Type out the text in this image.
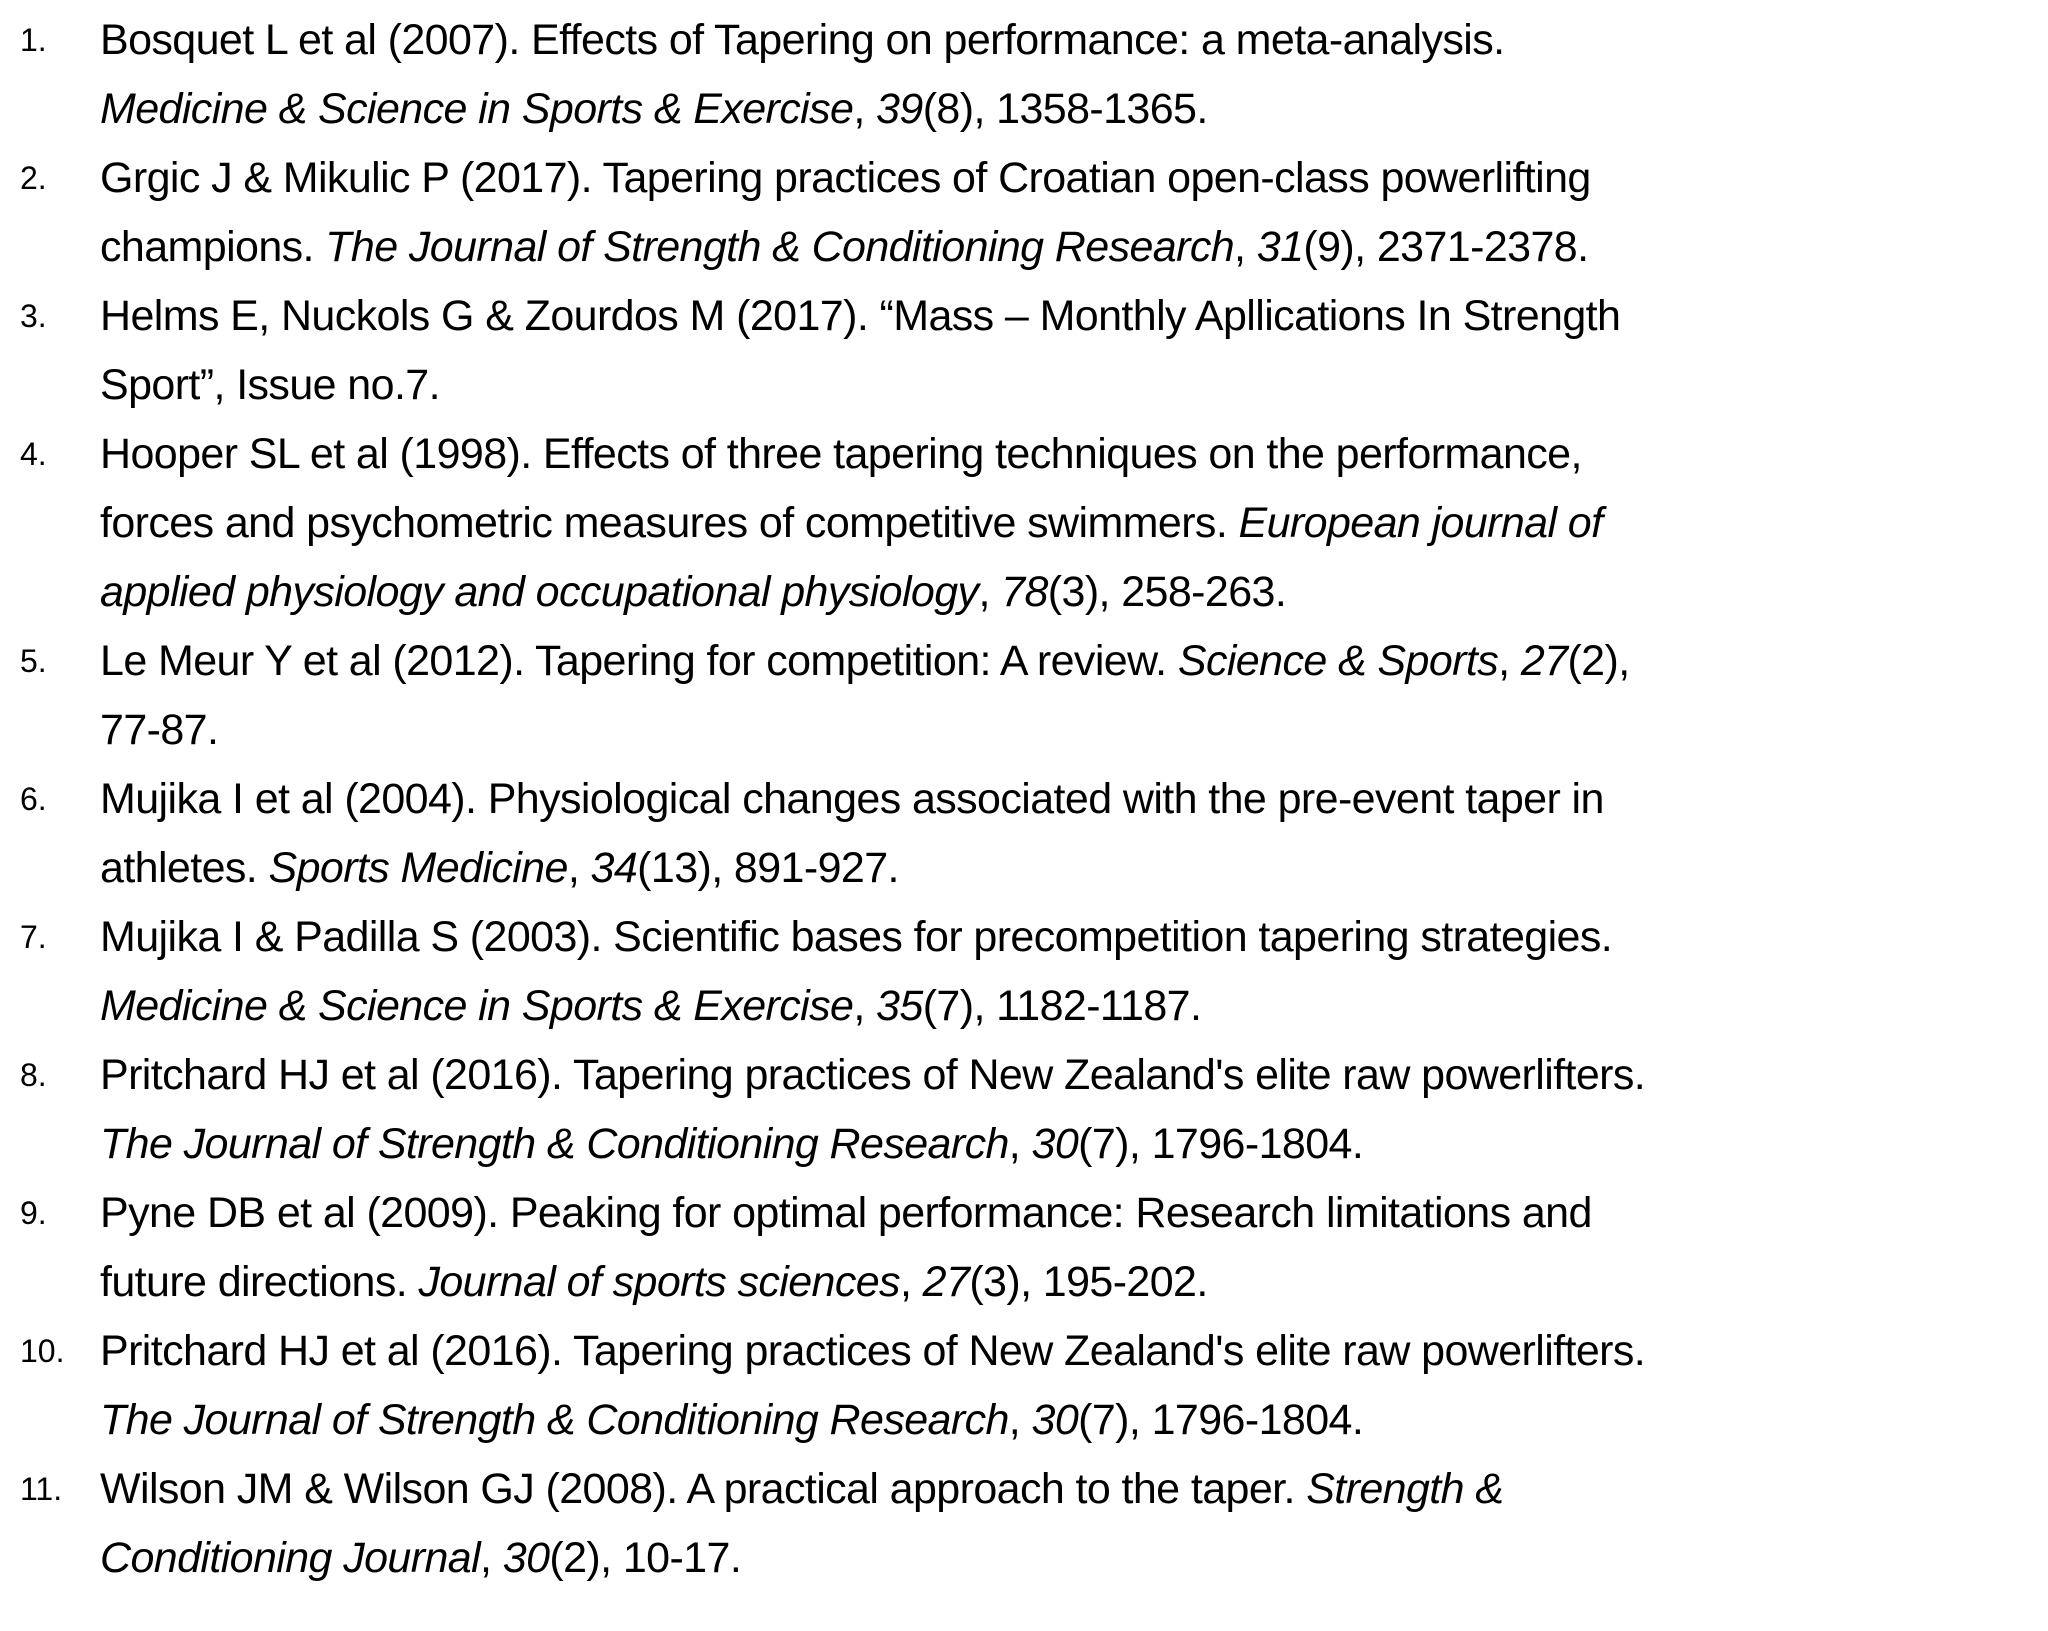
1. Bosquet L et al (2007). Effects of Tapering on performance: a meta-analysis.
Medicine & Science in Sports & Exercise, 39(8), 1358-1365.
2. Grgic J & Mikulic P (2017). Tapering practices of Croatian open-class powerlifting
champions. The Journal of Strength & Conditioning Research, 31(9), 2371-2378.
3. Helms E, Nuckols G & Zourdos M (2017). “Mass – Monthly Apllications In Strength
Sport”, Issue no.7.
4. Hooper SL et al (1998). Effects of three tapering techniques on the performance,
forces and psychometric measures of competitive swimmers. European journal of
applied physiology and occupational physiology, 78(3), 258-263.
5. Le Meur Y et al (2012). Tapering for competition: A review. Science & Sports, 27(2),
77-87.
6. Mujika I et al (2004). Physiological changes associated with the pre-event taper in
athletes. Sports Medicine, 34(13), 891-927.
7. Mujika I & Padilla S (2003). Scientific bases for precompetition tapering strategies.
Medicine & Science in Sports & Exercise, 35(7), 1182-1187.
8. Pritchard HJ et al (2016). Tapering practices of New Zealand's elite raw powerlifters.
The Journal of Strength & Conditioning Research, 30(7), 1796-1804.
9. Pyne DB et al (2009). Peaking for optimal performance: Research limitations and
future directions. Journal of sports sciences, 27(3), 195-202.
10. Pritchard HJ et al (2016). Tapering practices of New Zealand's elite raw powerlifters.
The Journal of Strength & Conditioning Research, 30(7), 1796-1804.
11. Wilson JM & Wilson GJ (2008). A practical approach to the taper. Strength &
Conditioning Journal, 30(2), 10-17.
